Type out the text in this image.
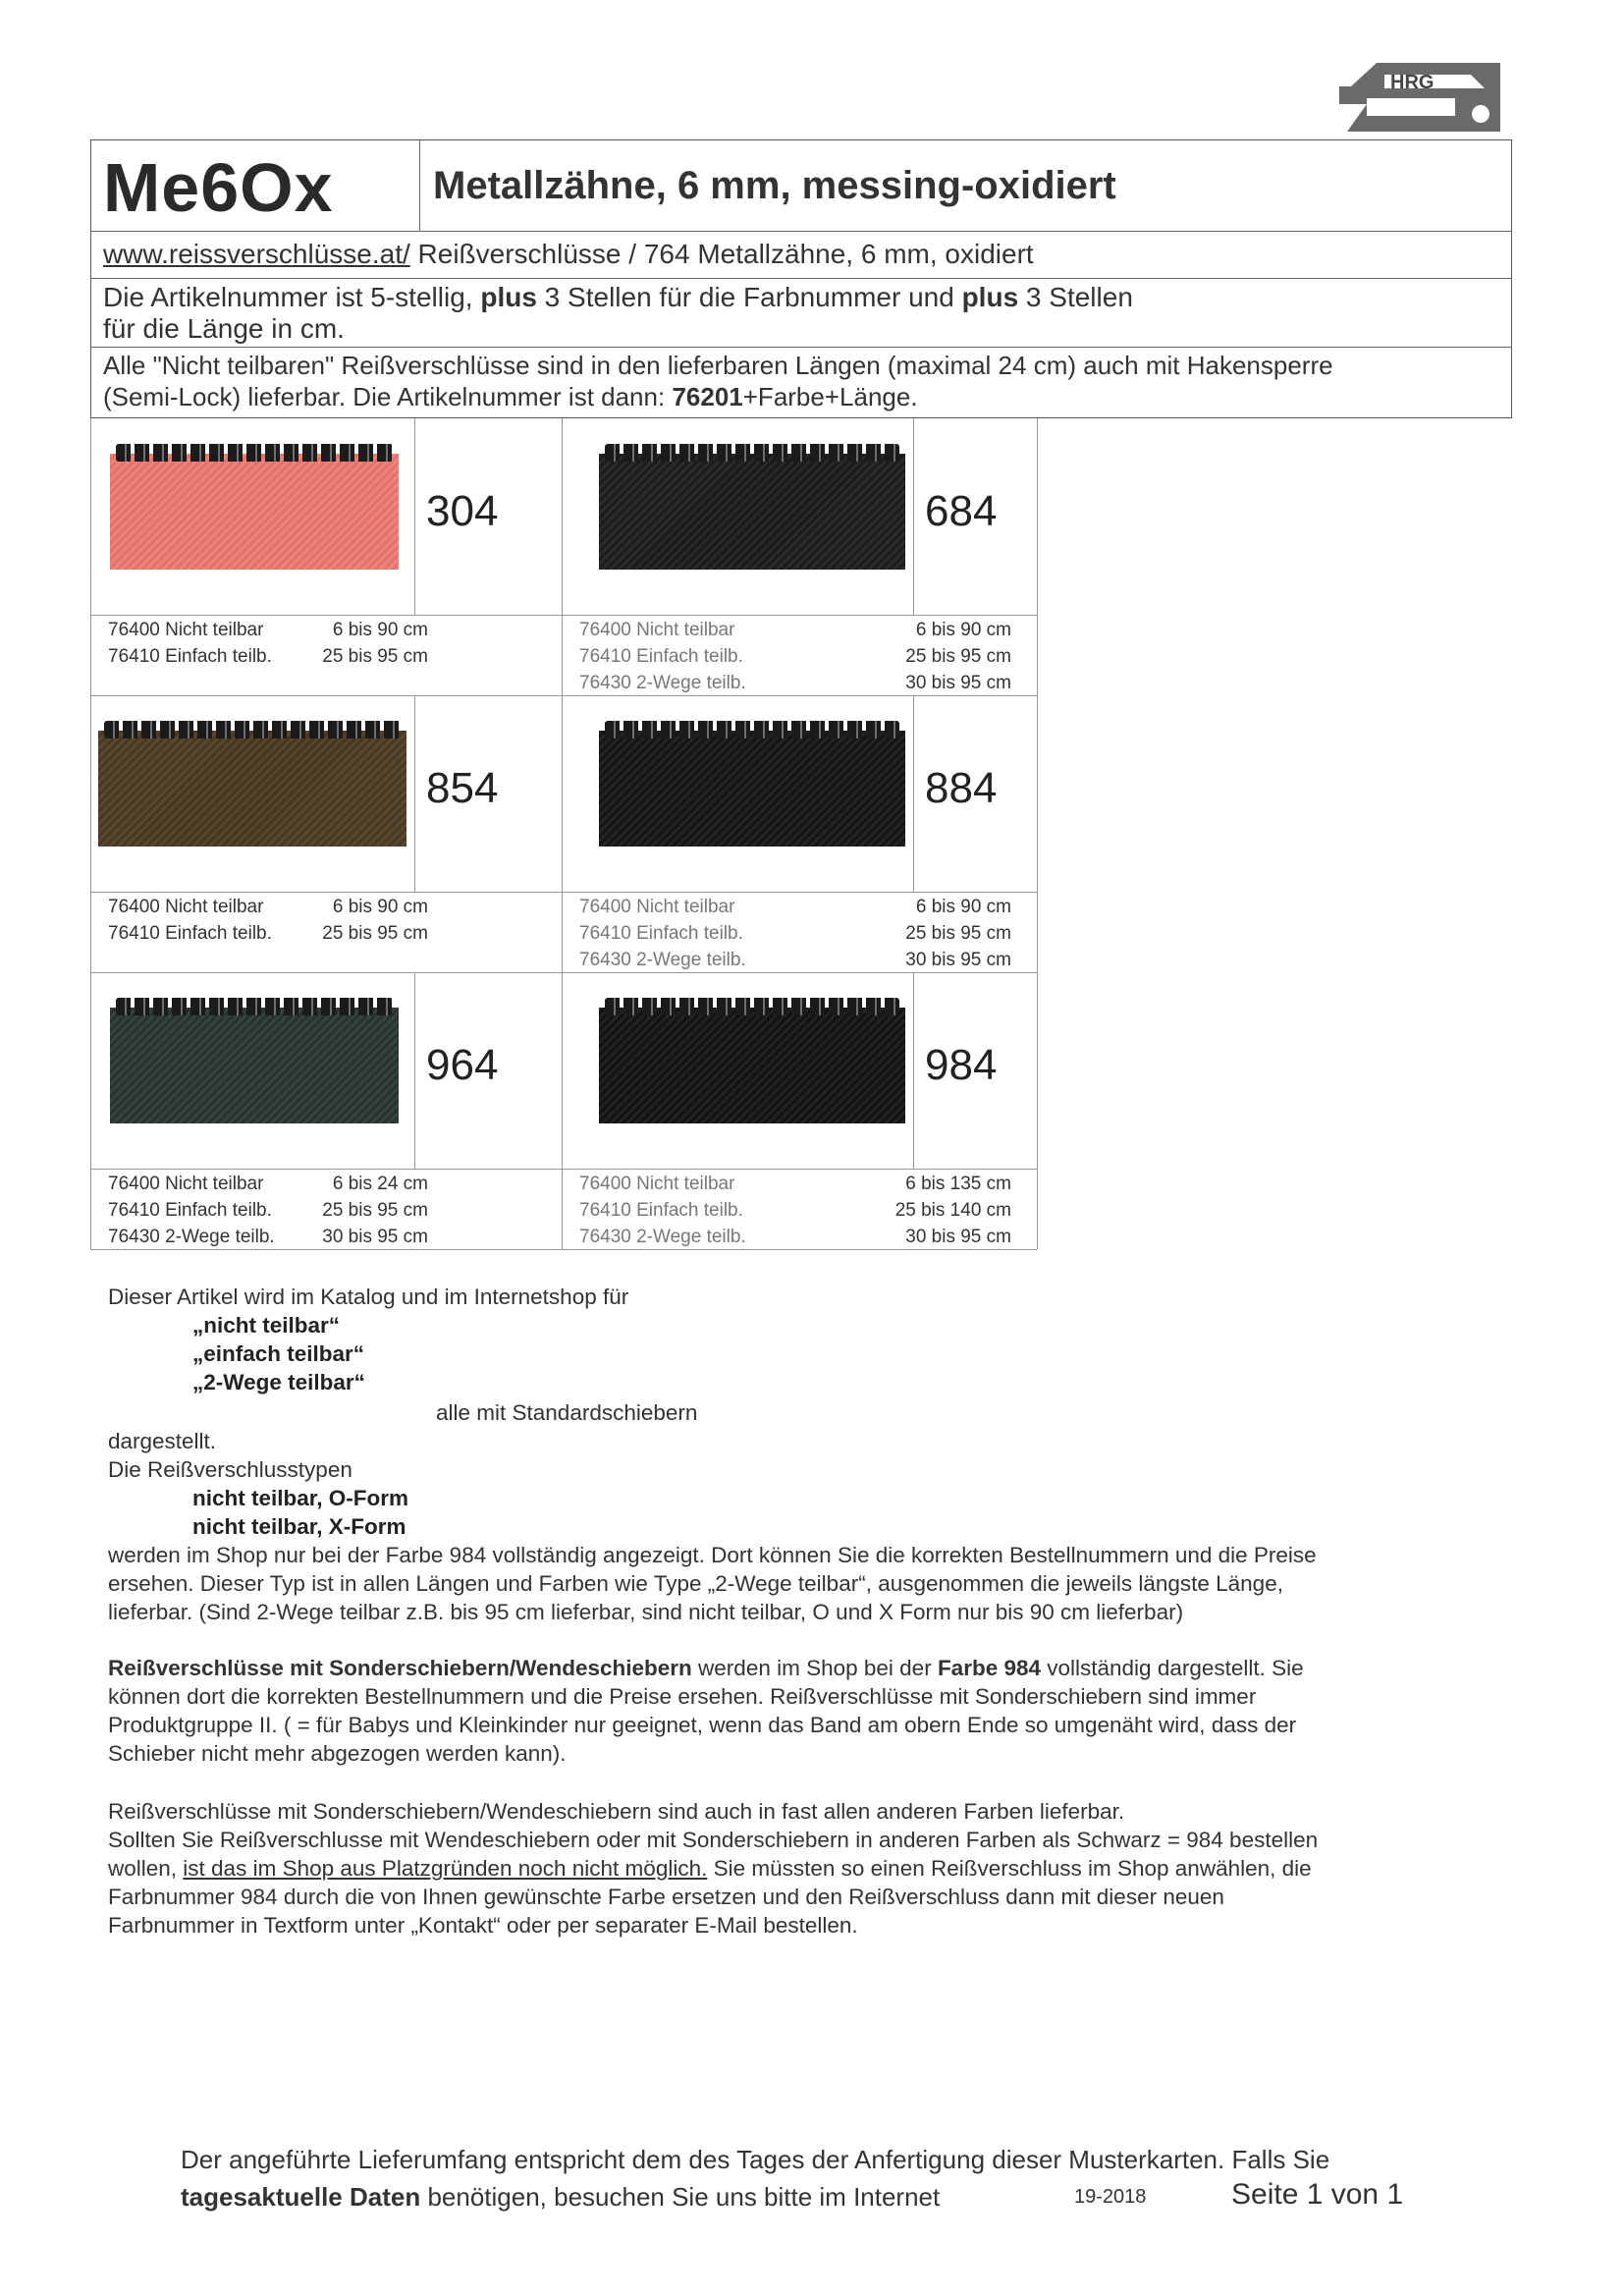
HRG
Me6Ox	Metallzähne, 6 mm, messing-oxidiert
www.reissverschlüsse.at/ Reißverschlüsse / 764 Metallzähne, 6 mm, oxidiert
Die Artikelnummer ist 5-stellig, plus 3 Stellen für die Farbnummer und plus 3 Stellen
für die Länge in cm.
Alle "Nicht teilbaren" Reißverschlüsse sind in den lieferbaren Längen (maximal 24 cm) auch mit Hakensperre
(Semi-Lock) lieferbar. Die Artikelnummer ist dann: 76201+Farbe+Länge.
304
76400 Nicht teilbar	6 bis 90 cm
76410 Einfach teilb.	25 bis 95 cm
684
76400 Nicht teilbar	6 bis 90 cm
76410 Einfach teilb.	25 bis 95 cm
76430 2-Wege teilb.	30 bis 95 cm
854
76400 Nicht teilbar	6 bis 90 cm
76410 Einfach teilb.	25 bis 95 cm
884
76400 Nicht teilbar	6 bis 90 cm
76410 Einfach teilb.	25 bis 95 cm
76430 2-Wege teilb.	30 bis 95 cm
964
76400 Nicht teilbar	6 bis 24 cm
76410 Einfach teilb.	25 bis 95 cm
76430 2-Wege teilb.	30 bis 95 cm
984
76400 Nicht teilbar	6 bis 135 cm
76410 Einfach teilb.	25 bis 140 cm
76430 2-Wege teilb.	30 bis 95 cm
Dieser Artikel wird im Katalog und im Internetshop für
„nicht teilbar“
„einfach teilbar“
„2-Wege teilbar“
alle mit Standardschiebern
dargestellt.
Die Reißverschlusstypen
nicht teilbar, O-Form
nicht teilbar, X-Form
werden im Shop nur bei der Farbe 984 vollständig angezeigt. Dort können Sie die korrekten Bestellnummern und die Preise
ersehen. Dieser Typ ist in allen Längen und Farben wie Type „2-Wege teilbar“, ausgenommen die jeweils längste Länge,
lieferbar. (Sind 2-Wege teilbar z.B. bis 95 cm lieferbar, sind nicht teilbar, O und X Form nur bis 90 cm lieferbar)
Reißverschlüsse mit Sonderschiebern/Wendeschiebern werden im Shop bei der Farbe 984 vollständig dargestellt. Sie
können dort die korrekten Bestellnummern und die Preise ersehen. Reißverschlüsse mit Sonderschiebern sind immer
Produktgruppe II. ( = für Babys und Kleinkinder nur geeignet, wenn das Band am obern Ende so umgenäht wird, dass der
Schieber nicht mehr abgezogen werden kann).
Reißverschlüsse mit Sonderschiebern/Wendeschiebern sind auch in fast allen anderen Farben lieferbar.
Sollten Sie Reißverschlusse mit Wendeschiebern oder mit Sonderschiebern in anderen Farben als Schwarz = 984 bestellen
wollen, ist das im Shop aus Platzgründen noch nicht möglich. Sie müssten so einen Reißverschluss im Shop anwählen, die
Farbnummer 984 durch die von Ihnen gewünschte Farbe ersetzen und den Reißverschluss dann mit dieser neuen
Farbnummer in Textform unter „Kontakt“ oder per separater E-Mail bestellen.
Der angeführte Lieferumfang entspricht dem des Tages der Anfertigung dieser Musterkarten. Falls Sie
tagesaktuelle Daten benötigen, besuchen Sie uns bitte im Internet	19-2018	Seite 1 von 1
